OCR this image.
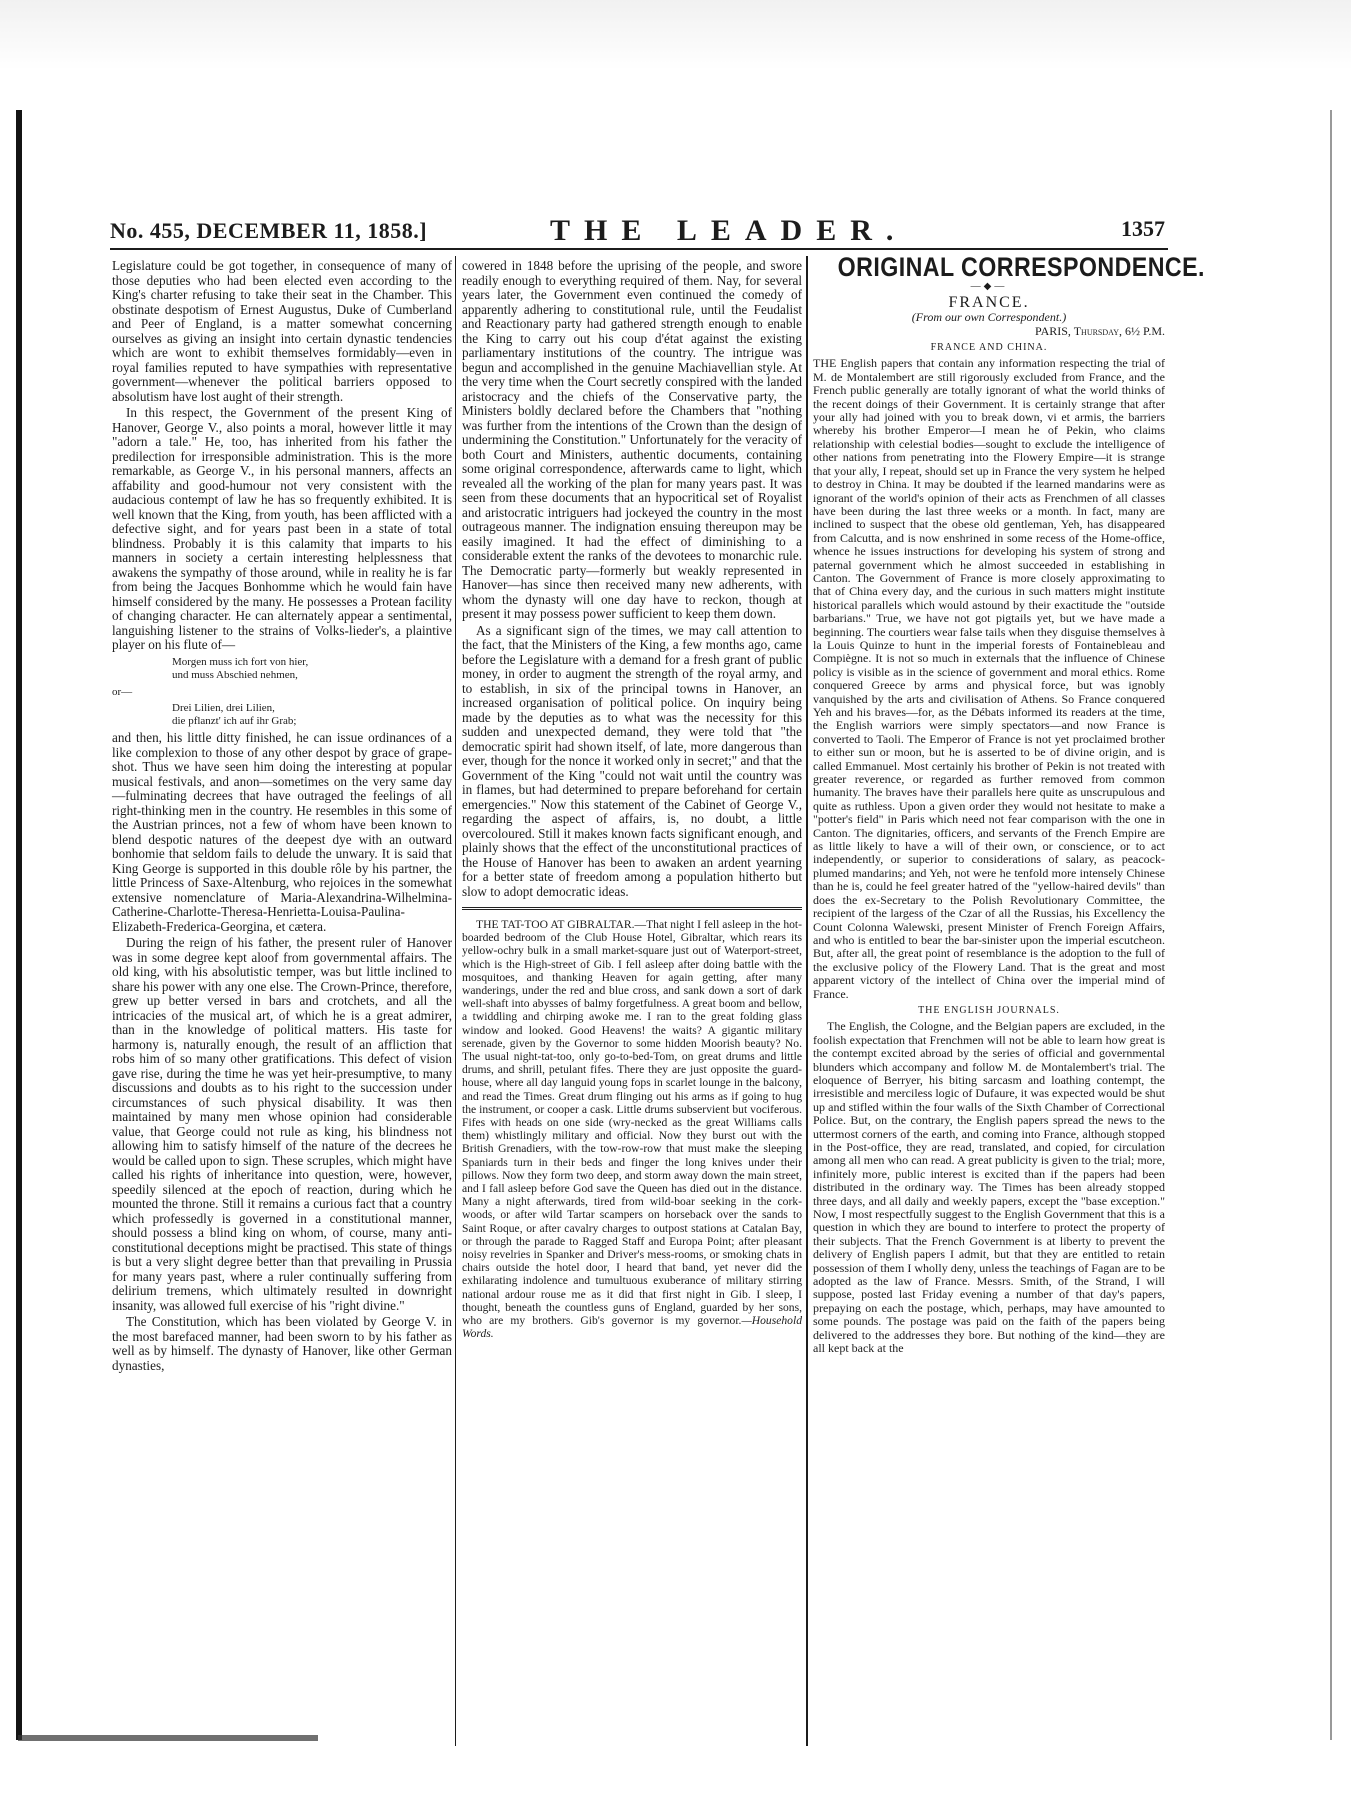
No. 455, DECEMBER 11, 1858.]	THE LEADER.	1357

Legislature could be got together, in consequence of many of those deputies who had been elected even according to the King's charter refusing to take their seat in the Chamber. This obstinate despotism of Ernest Augustus, Duke of Cumberland and Peer of England, is a matter somewhat concerning ourselves as giving an insight into certain dynastic tendencies which are wont to exhibit themselves formidably—even in royal families reputed to have sympathies with representative government—whenever the political barriers opposed to absolutism have lost aught of their strength.

In this respect, the Government of the present King of Hanover, George V., also points a moral, however little it may "adorn a tale." He, too, has inherited from his father the predilection for irresponsible administration. This is the more remarkable, as George V., in his personal manners, affects an affability and good-humour not very consistent with the audacious contempt of law he has so frequently exhibited. It is well known that the King, from youth, has been afflicted with a defective sight, and for years past been in a state of total blindness. Probably it is this calamity that imparts to his manners in society a certain interesting helplessness that awakens the sympathy of those around, while in reality he is far from being the Jacques Bonhomme which he would fain have himself considered by the many. He possesses a Protean facility of changing character. He can alternately appear a sentimental, languishing listener to the strains of Volks-lieder's, a plaintive player on his flute of—

Morgen muss ich fort von hier,
und muss Abschied nehmen,
or—
Drei Lilien, drei Lilien,
die pflanzt' ich auf ihr Grab;

and then, his little ditty finished, he can issue ordinances of a like complexion to those of any other despot by grace of grape-shot. Thus we have seen him doing the interesting at popular musical festivals, and anon—sometimes on the very same day—fulminating decrees that have outraged the feelings of all right-thinking men in the country. He resembles in this some of the Austrian princes, not a few of whom have been known to blend despotic natures of the deepest dye with an outward bonhomie that seldom fails to delude the unwary. It is said that King George is supported in this double rôle by his partner, the little Princess of Saxe-Altenburg, who rejoices in the somewhat extensive nomenclature of Maria-Alexandrina-Wilhelmina-Catherine-Charlotte-Theresa-Henrietta-Louisa-Paulina-Elizabeth-Frederica-Georgina, et cætera.

During the reign of his father, the present ruler of Hanover was in some degree kept aloof from governmental affairs. The old king, with his absolutistic temper, was but little inclined to share his power with any one else. The Crown-Prince, therefore, grew up better versed in bars and crotchets, and all the intricacies of the musical art, of which he is a great admirer, than in the knowledge of political matters. His taste for harmony is, naturally enough, the result of an affliction that robs him of so many other gratifications. This defect of vision gave rise, during the time he was yet heir-presumptive, to many discussions and doubts as to his right to the succession under circumstances of such physical disability. It was then maintained by many men whose opinion had considerable value, that George could not rule as king, his blindness not allowing him to satisfy himself of the nature of the decrees he would be called upon to sign. These scruples, which might have called his rights of inheritance into question, were, however, speedily silenced at the epoch of reaction, during which he mounted the throne. Still it remains a curious fact that a country which professedly is governed in a constitutional manner, should possess a blind king on whom, of course, many anti-constitutional deceptions might be practised. This state of things is but a very slight degree better than that prevailing in Prussia for many years past, where a ruler continually suffering from delirium tremens, which ultimately resulted in downright insanity, was allowed full exercise of his "right divine."

The Constitution, which has been violated by George V. in the most barefaced manner, had been sworn to by his father as well as by himself. The dynasty of Hanover, like other German dynasties,

cowered in 1848 before the uprising of the people, and swore readily enough to everything required of them. Nay, for several years later, the Government even continued the comedy of apparently adhering to constitutional rule, until the Feudalist and Reactionary party had gathered strength enough to enable the King to carry out his coup d'état against the existing parliamentary institutions of the country. The intrigue was begun and accomplished in the genuine Machiavellian style. At the very time when the Court secretly conspired with the landed aristocracy and the chiefs of the Conservative party, the Ministers boldly declared before the Chambers that "nothing was further from the intentions of the Crown than the design of undermining the Constitution." Unfortunately for the veracity of both Court and Ministers, authentic documents, containing some original correspondence, afterwards came to light, which revealed all the working of the plan for many years past. It was seen from these documents that an hypocritical set of Royalist and aristocratic intriguers had jockeyed the country in the most outrageous manner. The indignation ensuing thereupon may be easily imagined. It had the effect of diminishing to a considerable extent the ranks of the devotees to monarchic rule. The Democratic party—formerly but weakly represented in Hanover—has since then received many new adherents, with whom the dynasty will one day have to reckon, though at present it may possess power sufficient to keep them down.

As a significant sign of the times, we may call attention to the fact, that the Ministers of the King, a few months ago, came before the Legislature with a demand for a fresh grant of public money, in order to augment the strength of the royal army, and to establish, in six of the principal towns in Hanover, an increased organisation of political police. On inquiry being made by the deputies as to what was the necessity for this sudden and unexpected demand, they were told that "the democratic spirit had shown itself, of late, more dangerous than ever, though for the nonce it worked only in secret;" and that the Government of the King "could not wait until the country was in flames, but had determined to prepare beforehand for certain emergencies." Now this statement of the Cabinet of George V., regarding the aspect of affairs, is, no doubt, a little overcoloured. Still it makes known facts significant enough, and plainly shows that the effect of the unconstitutional practices of the House of Hanover has been to awaken an ardent yearning for a better state of freedom among a population hitherto but slow to adopt democratic ideas.

THE TAT-TOO AT GIBRALTAR.—That night I fell asleep in the hot-boarded bedroom of the Club House Hotel, Gibraltar, which rears its yellow-ochry bulk in a small market-square just out of Waterport-street, which is the High-street of Gib. I fell asleep after doing battle with the mosquitoes, and thanking Heaven for again getting, after many wanderings, under the red and blue cross, and sank down a sort of dark well-shaft into abysses of balmy forgetfulness. A great boom and bellow, a twiddling and chirping awoke me. I ran to the great folding glass window and looked. Good Heavens! the waits? A gigantic military serenade, given by the Governor to some hidden Moorish beauty? No. The usual night-tat-too, only go-to-bed-Tom, on great drums and little drums, and shrill, petulant fifes. There they are just opposite the guard-house, where all day languid young fops in scarlet lounge in the balcony, and read the Times. Great drum flinging out his arms as if going to hug the instrument, or cooper a cask. Little drums subservient but vociferous. Fifes with heads on one side (wry-necked as the great Williams calls them) whistlingly military and official. Now they burst out with the British Grenadiers, with the tow-row-row that must make the sleeping Spaniards turn in their beds and finger the long knives under their pillows. Now they form two deep, and storm away down the main street, and I fall asleep before God save the Queen has died out in the distance. Many a night afterwards, tired from wild-boar seeking in the cork-woods, or after wild Tartar scampers on horseback over the sands to Saint Roque, or after cavalry charges to outpost stations at Catalan Bay, or through the parade to Ragged Staff and Europa Point; after pleasant noisy revelries in Spanker and Driver's mess-rooms, or smoking chats in chairs outside the hotel door, I heard that band, yet never did the exhilarating indolence and tumultuous exuberance of military stirring national ardour rouse me as it did that first night in Gib. I sleep, I thought, beneath the countless guns of England, guarded by her sons, who are my brothers. Gib's governor is my governor.—Household Words.

ORIGINAL CORRESPONDENCE.
—◆—
FRANCE.
(From our own Correspondent.)
PARIS, Thursday, 6½ P.M.
FRANCE AND CHINA.

THE English papers that contain any information respecting the trial of M. de Montalembert are still rigorously excluded from France, and the French public generally are totally ignorant of what the world thinks of the recent doings of their Government. It is certainly strange that after your ally had joined with you to break down, vi et armis, the barriers whereby his brother Emperor—I mean he of Pekin, who claims relationship with celestial bodies—sought to exclude the intelligence of other nations from penetrating into the Flowery Empire—it is strange that your ally, I repeat, should set up in France the very system he helped to destroy in China. It may be doubted if the learned mandarins were as ignorant of the world's opinion of their acts as Frenchmen of all classes have been during the last three weeks or a month. In fact, many are inclined to suspect that the obese old gentleman, Yeh, has disappeared from Calcutta, and is now enshrined in some recess of the Home-office, whence he issues instructions for developing his system of strong and paternal government which he almost succeeded in establishing in Canton. The Government of France is more closely approximating to that of China every day, and the curious in such matters might institute historical parallels which would astound by their exactitude the "outside barbarians." True, we have not got pigtails yet, but we have made a beginning. The courtiers wear false tails when they disguise themselves à la Louis Quinze to hunt in the imperial forests of Fontainebleau and Compiègne. It is not so much in externals that the influence of Chinese policy is visible as in the science of government and moral ethics. Rome conquered Greece by arms and physical force, but was ignobly vanquished by the arts and civilisation of Athens. So France conquered Yeh and his braves—for, as the Débats informed its readers at the time, the English warriors were simply spectators—and now France is converted to Taoli. The Emperor of France is not yet proclaimed brother to either sun or moon, but he is asserted to be of divine origin, and is called Emmanuel. Most certainly his brother of Pekin is not treated with greater reverence, or regarded as further removed from common humanity. The braves have their parallels here quite as unscrupulous and quite as ruthless. Upon a given order they would not hesitate to make a "potter's field" in Paris which need not fear comparison with the one in Canton. The dignitaries, officers, and servants of the French Empire are as little likely to have a will of their own, or conscience, or to act independently, or superior to considerations of salary, as peacock-plumed mandarins; and Yeh, not were he tenfold more intensely Chinese than he is, could he feel greater hatred of the "yellow-haired devils" than does the ex-Secretary to the Polish Revolutionary Committee, the recipient of the largess of the Czar of all the Russias, his Excellency the Count Colonna Walewski, present Minister of French Foreign Affairs, and who is entitled to bear the bar-sinister upon the imperial escutcheon. But, after all, the great point of resemblance is the adoption to the full of the exclusive policy of the Flowery Land. That is the great and most apparent victory of the intellect of China over the imperial mind of France.

THE ENGLISH JOURNALS.

The English, the Cologne, and the Belgian papers are excluded, in the foolish expectation that Frenchmen will not be able to learn how great is the contempt excited abroad by the series of official and governmental blunders which accompany and follow M. de Montalembert's trial. The eloquence of Berryer, his biting sarcasm and loathing contempt, the irresistible and merciless logic of Dufaure, it was expected would be shut up and stifled within the four walls of the Sixth Chamber of Correctional Police. But, on the contrary, the English papers spread the news to the uttermost corners of the earth, and coming into France, although stopped in the Post-office, they are read, translated, and copied, for circulation among all men who can read. A great publicity is given to the trial; more, infinitely more, public interest is excited than if the papers had been distributed in the ordinary way. The Times has been already stopped three days, and all daily and weekly papers, except the "base exception." Now, I most respectfully suggest to the English Government that this is a question in which they are bound to interfere to protect the property of their subjects. That the French Government is at liberty to prevent the delivery of English papers I admit, but that they are entitled to retain possession of them I wholly deny, unless the teachings of Fagan are to be adopted as the law of France. Messrs. Smith, of the Strand, I will suppose, posted last Friday evening a number of that day's papers, prepaying on each the postage, which, perhaps, may have amounted to some pounds. The postage was paid on the faith of the papers being delivered to the addresses they bore. But nothing of the kind—they are all kept back at the
